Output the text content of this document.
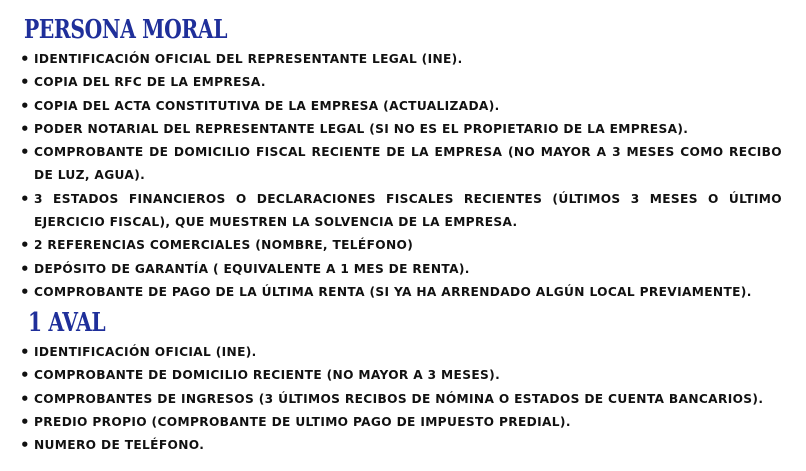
PERSONA MORAL
•
IDENTIFICACIÓN OFICIAL DEL REPRESENTANTE LEGAL (INE).
•
COPIA DEL RFC DE LA EMPRESA.
•
COPIA DEL ACTA CONSTITUTIVA DE LA EMPRESA (ACTUALIZADA).
•
PODER NOTARIAL DEL REPRESENTANTE LEGAL (SI NO ES EL PROPIETARIO DE LA EMPRESA).
•
COMPROBANTE DE DOMICILIO FISCAL RECIENTE DE LA EMPRESA (NO MAYOR A 3 MESES COMO RECIBO DE LUZ, AGUA).
•
3 ESTADOS FINANCIEROS O DECLARACIONES FISCALES RECIENTES (ÚLTIMOS 3 MESES O ÚLTIMO EJERCICIO FISCAL), QUE MUESTREN LA SOLVENCIA DE LA EMPRESA.
•
2 REFERENCIAS COMERCIALES (NOMBRE, TELÉFONO)
•
DEPÓSITO DE GARANTÍA ( EQUIVALENTE A 1 MES DE RENTA).
•
COMPROBANTE DE PAGO DE LA ÚLTIMA RENTA (SI YA HA ARRENDADO ALGÚN LOCAL PREVIAMENTE).
1 AVAL
•
IDENTIFICACIÓN OFICIAL (INE).
•
COMPROBANTE DE DOMICILIO RECIENTE (NO MAYOR A 3 MESES).
•
COMPROBANTES DE INGRESOS (3 ÚLTIMOS RECIBOS DE NÓMINA O ESTADOS DE CUENTA BANCARIOS).
•
PREDIO PROPIO (COMPROBANTE DE ULTIMO PAGO DE IMPUESTO PREDIAL).
•
NUMERO DE TELÉFONO.
